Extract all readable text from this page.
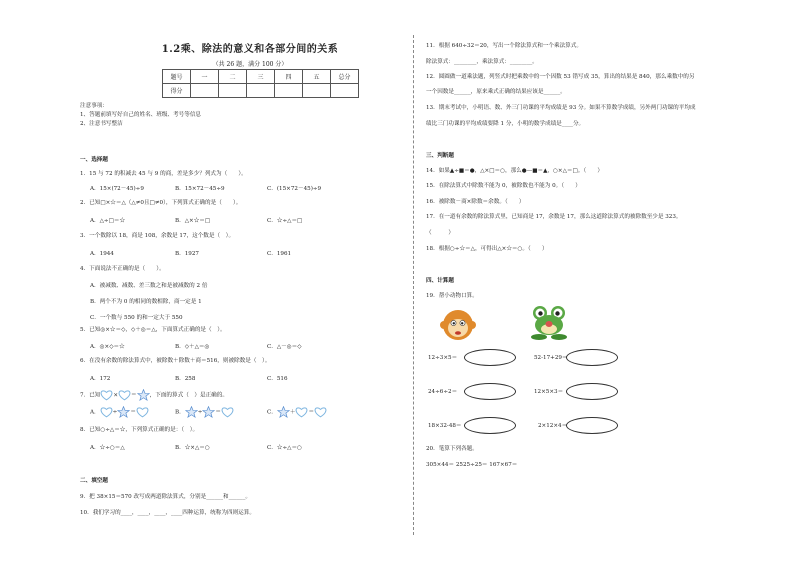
1.2乘、除法的意义和各部分间的关系
（共 26 题，满分 100 分）
题号	一	二	三	四	五	总分
得分						
注意事项：
1、答题前填写好自己的姓名、班级、考号等信息
2、注意书写整洁
一、选择题
1．15 与 72 的积减去 45 与 9 的商，差是多少？列式为（　　）。
A．15×(72－45)÷9	B．15×72－45÷9	C．(15×72－45)÷9
2．已知□×☆＝△（△≠0且□≠0），下列算式正确的是（　　）。
A．△÷□＝☆	B．△×☆＝□	C．☆÷△＝□
3．一个数除以 18，商是 108，余数是 17，这个数是（　）。
A．1944	B．1927	C．1961
4．下面说法不正确的是（　　）。
A．被减数、减数、差三数之和是被减数的 2 倍
B．两个不为 0 的相同的数相除，商一定是 1
C．一个数与 550 的和一定大于 550
5．已知◎×☆＝◇，◇＋◎＝△，下面算式正确的是（　）。
A．◎×◇＝☆	B．◇＋△＝◎	C．△－◎＝◇
6．在没有余数的除法算式中，被除数＋除数＋商＝516，则被除数是（　）。
A．172	B．258	C．516
7．已知 × ＝ ，下面的算式（　）是正确的。
A． ÷ ＝	B． ÷ ＝	C． ＋ ＝
8．已知○÷△＝☆，下列算式正确的是：（　）。
A．☆÷○＝△	B．☆×△＝○	C．☆÷△＝○
二、填空题
9．把 38×15＝570 改写成两道除法算式，分别是______和______。
10．我们学习的____，____，____，____四种运算，统称为四则运算。
11．根据 640÷32＝20，写出一个除法算式和一个乘法算式。
除法算式：________，乘法算式：________。
12．圆圆做一道乘法题，列竖式时把乘数中的一个因数 53 错写成 35，算出的结果是 840，那么乘数中的另
一个因数是______，原来乘式正确的结果应该是______。
13．期末考试中，小明语、数、外三门功课的平均成绩是 93 分。如果不算数学成绩，另外两门功课的平均成
绩比三门功课的平均成绩要降 1 分，小明的数学成绩是____分。
三、判断题
14．如果▲÷■＝●，△×□＝○，那么●—■＝▲，○×△＝□。（　　）
15．在除法算式中除数不能为 0，被除数也不能为 0。（　　）
16．被除数－商×除数＝余数。（　　）
17．在一道有余数的除法算式里，已知商是 17，余数是 17，那么这道除法算式的被除数至少是 323。
（　　　）
18．根据○÷☆＝△，可得出△×☆＝○。（　　）
四、计算题
19．帮小动物口算。
12÷3×5＝	52-17+29＝
24÷6÷2＝	12×5×3＝
18×32-48＝	2×12×4＝
20．笔算下列各题。
305×44＝ 2525÷25＝ 167×67＝
